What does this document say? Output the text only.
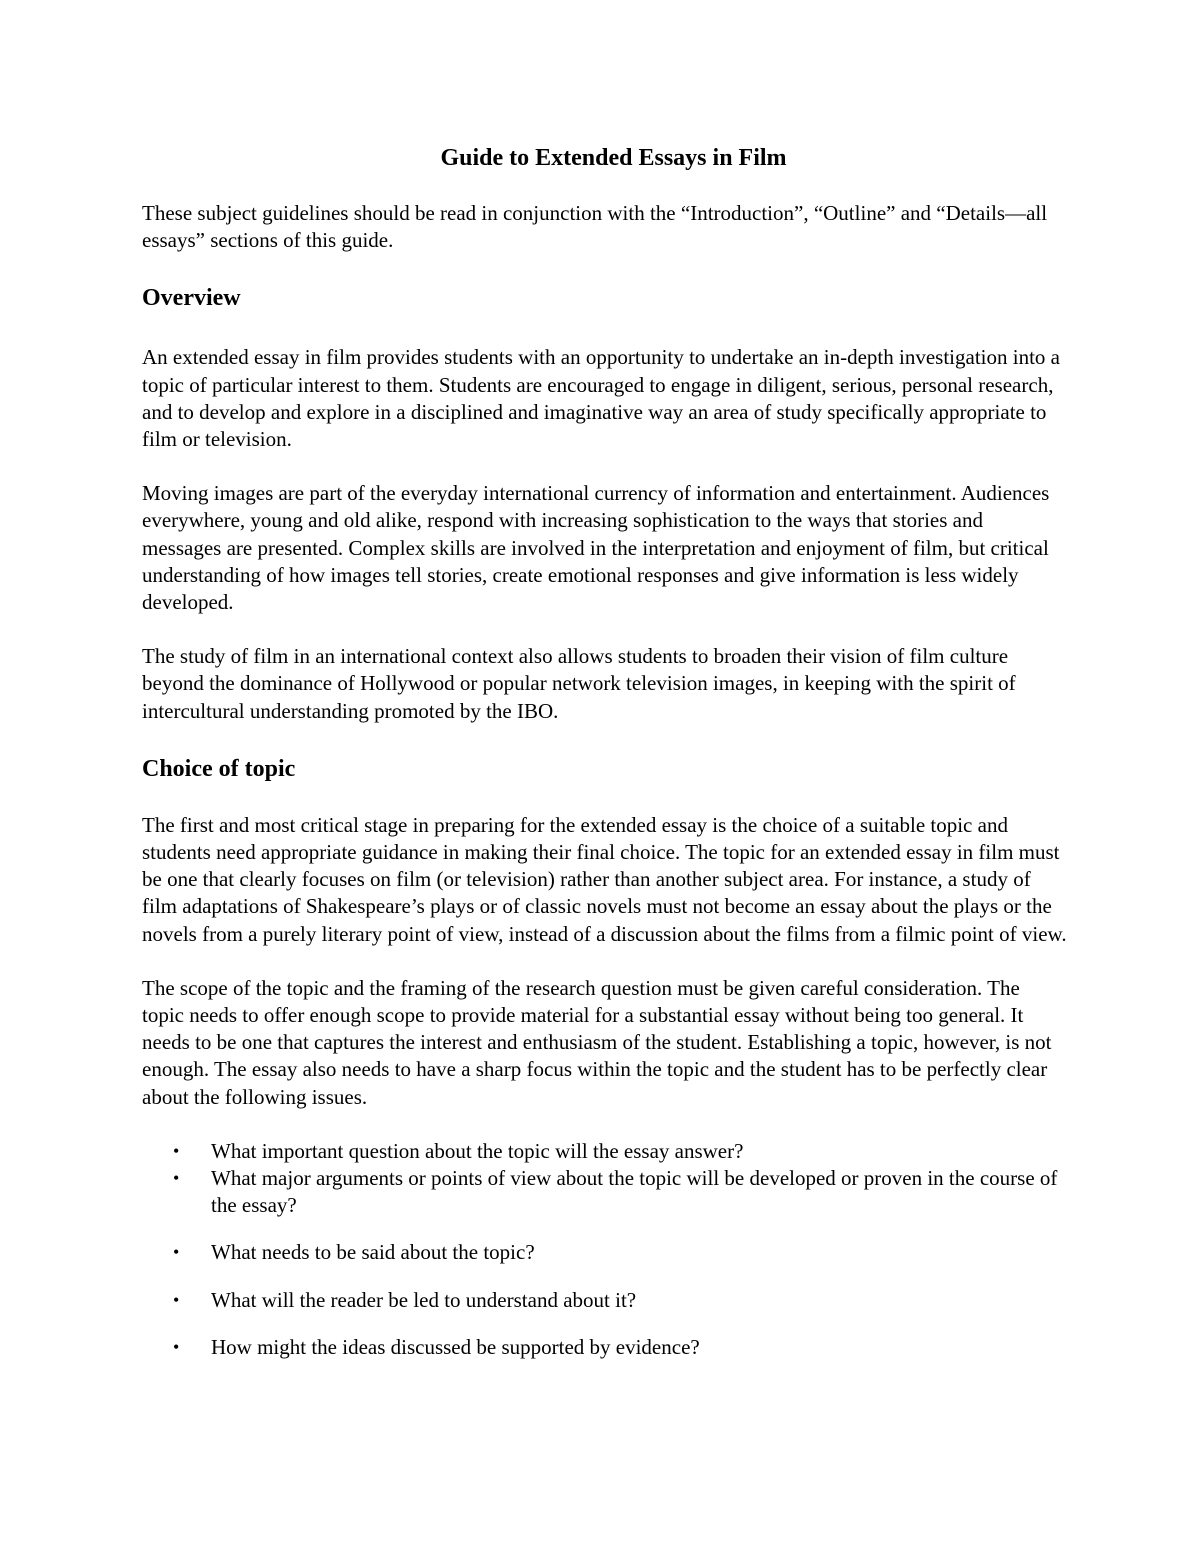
Guide to Extended Essays in Film

These subject guidelines should be read in conjunction with the “Introduction”, “Outline” and “Details—all essays” sections of this guide.

Overview

An extended essay in film provides students with an opportunity to undertake an in-depth investigation into a topic of particular interest to them. Students are encouraged to engage in diligent, serious, personal research, and to develop and explore in a disciplined and imaginative way an area of study specifically appropriate to film or television.

Moving images are part of the everyday international currency of information and entertainment. Audiences everywhere, young and old alike, respond with increasing sophistication to the ways that stories and messages are presented. Complex skills are involved in the interpretation and enjoyment of film, but critical understanding of how images tell stories, create emotional responses and give information is less widely developed.

The study of film in an international context also allows students to broaden their vision of film culture beyond the dominance of Hollywood or popular network television images, in keeping with the spirit of intercultural understanding promoted by the IBO.

Choice of topic

The first and most critical stage in preparing for the extended essay is the choice of a suitable topic and students need appropriate guidance in making their final choice. The topic for an extended essay in film must be one that clearly focuses on film (or television) rather than another subject area. For instance, a study of film adaptations of Shakespeare’s plays or of classic novels must not become an essay about the plays or the novels from a purely literary point of view, instead of a discussion about the films from a filmic point of view.

The scope of the topic and the framing of the research question must be given careful consideration. The topic needs to offer enough scope to provide material for a substantial essay without being too general. It needs to be one that captures the interest and enthusiasm of the student. Establishing a topic, however, is not enough. The essay also needs to have a sharp focus within the topic and the student has to be perfectly clear about the following issues.

• What important question about the topic will the essay answer?
• What major arguments or points of view about the topic will be developed or proven in the course of the essay?
• What needs to be said about the topic?
• What will the reader be led to understand about it?
• How might the ideas discussed be supported by evidence?
